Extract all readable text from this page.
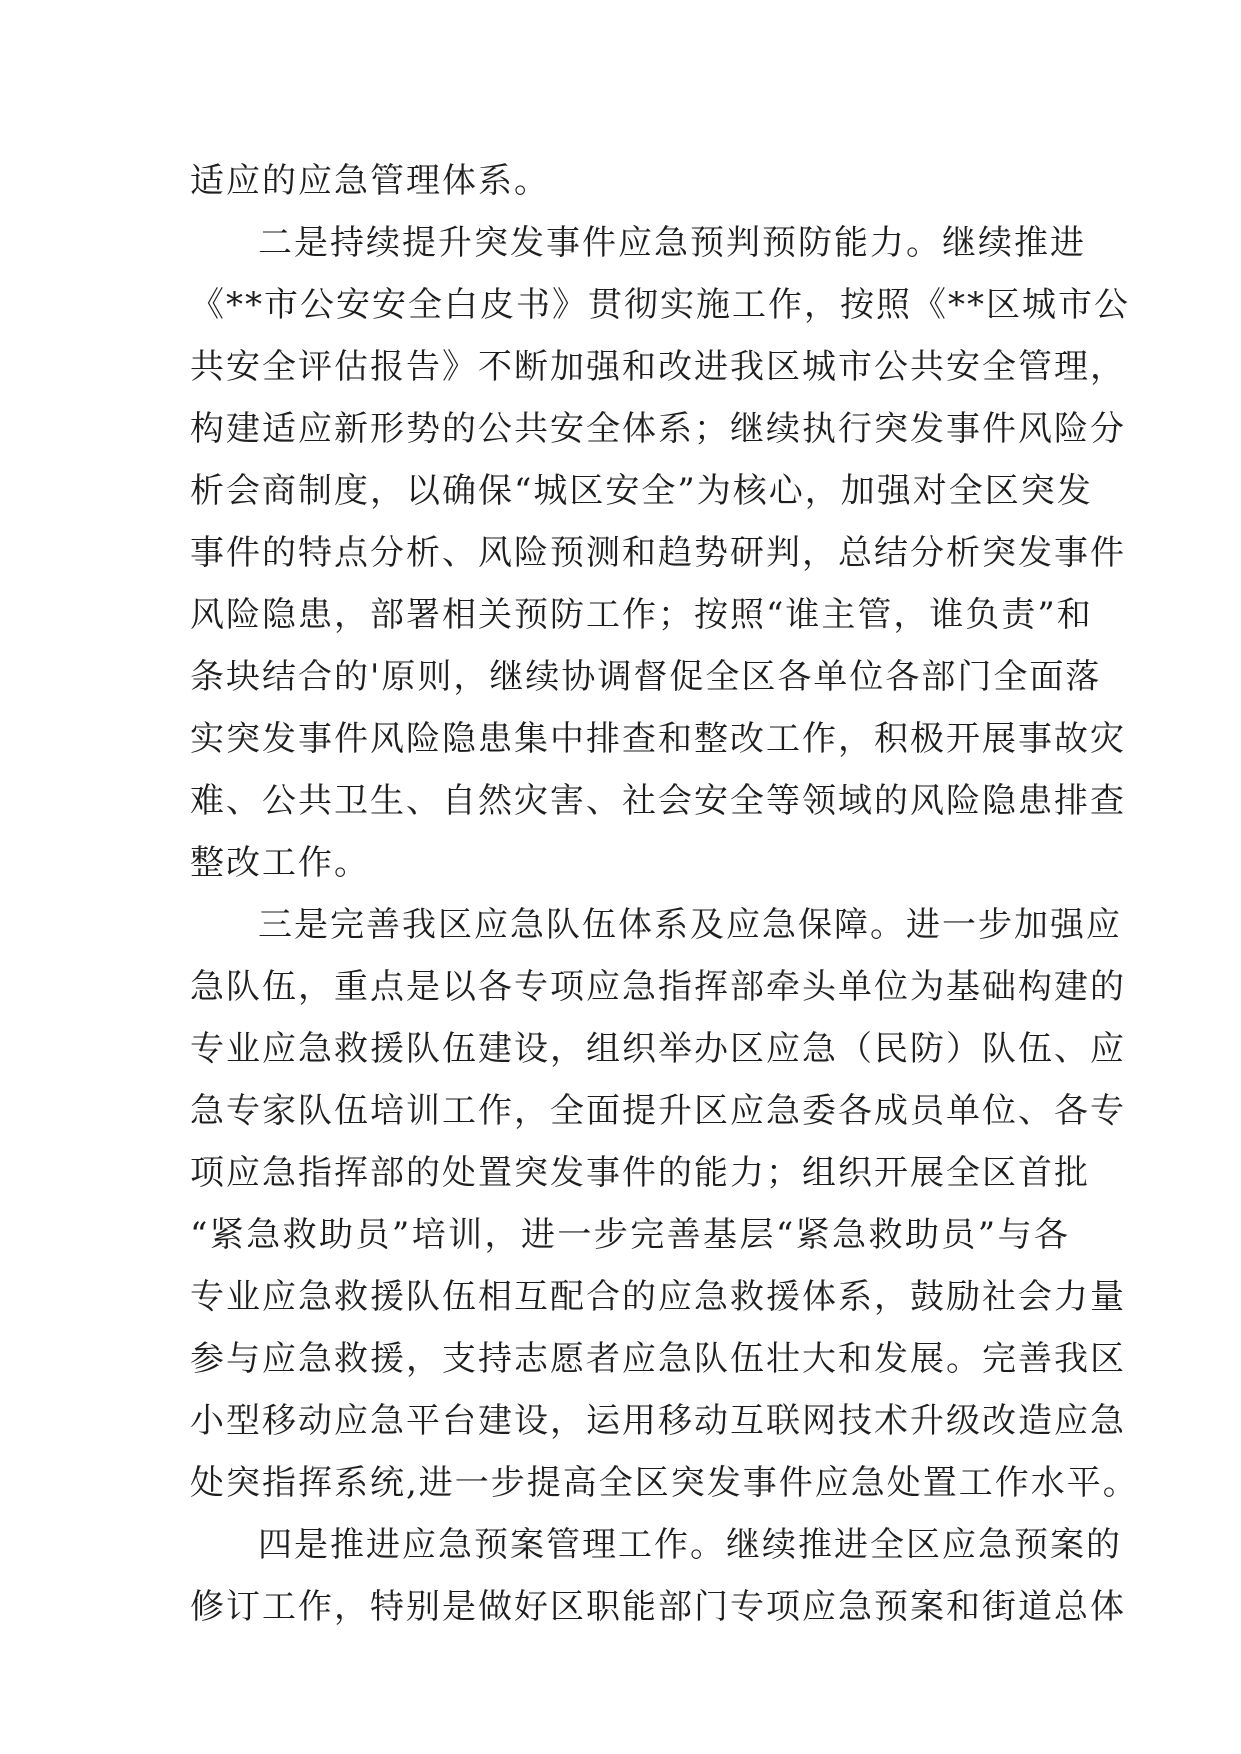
适应的应急管理体系。
二是持续提升突发事件应急预判预防能力。继续推进
《**市公安安全白皮书》贯彻实施工作，按照《**区城市公
共安全评估报告》不断加强和改进我区城市公共安全管理，
构建适应新形势的公共安全体系；继续执行突发事件风险分
析会商制度，以确保“城区安全”为核心，加强对全区突发
事件的特点分析、风险预测和趋势研判，总结分析突发事件
风险隐患，部署相关预防工作；按照“谁主管，谁负责”和
条块结合的'原则，继续协调督促全区各单位各部门全面落
实突发事件风险隐患集中排查和整改工作，积极开展事故灾
难、公共卫生、自然灾害、社会安全等领域的风险隐患排查
整改工作。
三是完善我区应急队伍体系及应急保障。进一步加强应
急队伍，重点是以各专项应急指挥部牵头单位为基础构建的
专业应急救援队伍建设，组织举办区应急（民防）队伍、应
急专家队伍培训工作，全面提升区应急委各成员单位、各专
项应急指挥部的处置突发事件的能力；组织开展全区首批
“紧急救助员”培训，进一步完善基层“紧急救助员”与各
专业应急救援队伍相互配合的应急救援体系，鼓励社会力量
参与应急救援，支持志愿者应急队伍壮大和发展。完善我区
小型移动应急平台建设，运用移动互联网技术升级改造应急
处突指挥系统,进一步提高全区突发事件应急处置工作水平。
四是推进应急预案管理工作。继续推进全区应急预案的
修订工作，特别是做好区职能部门专项应急预案和街道总体
